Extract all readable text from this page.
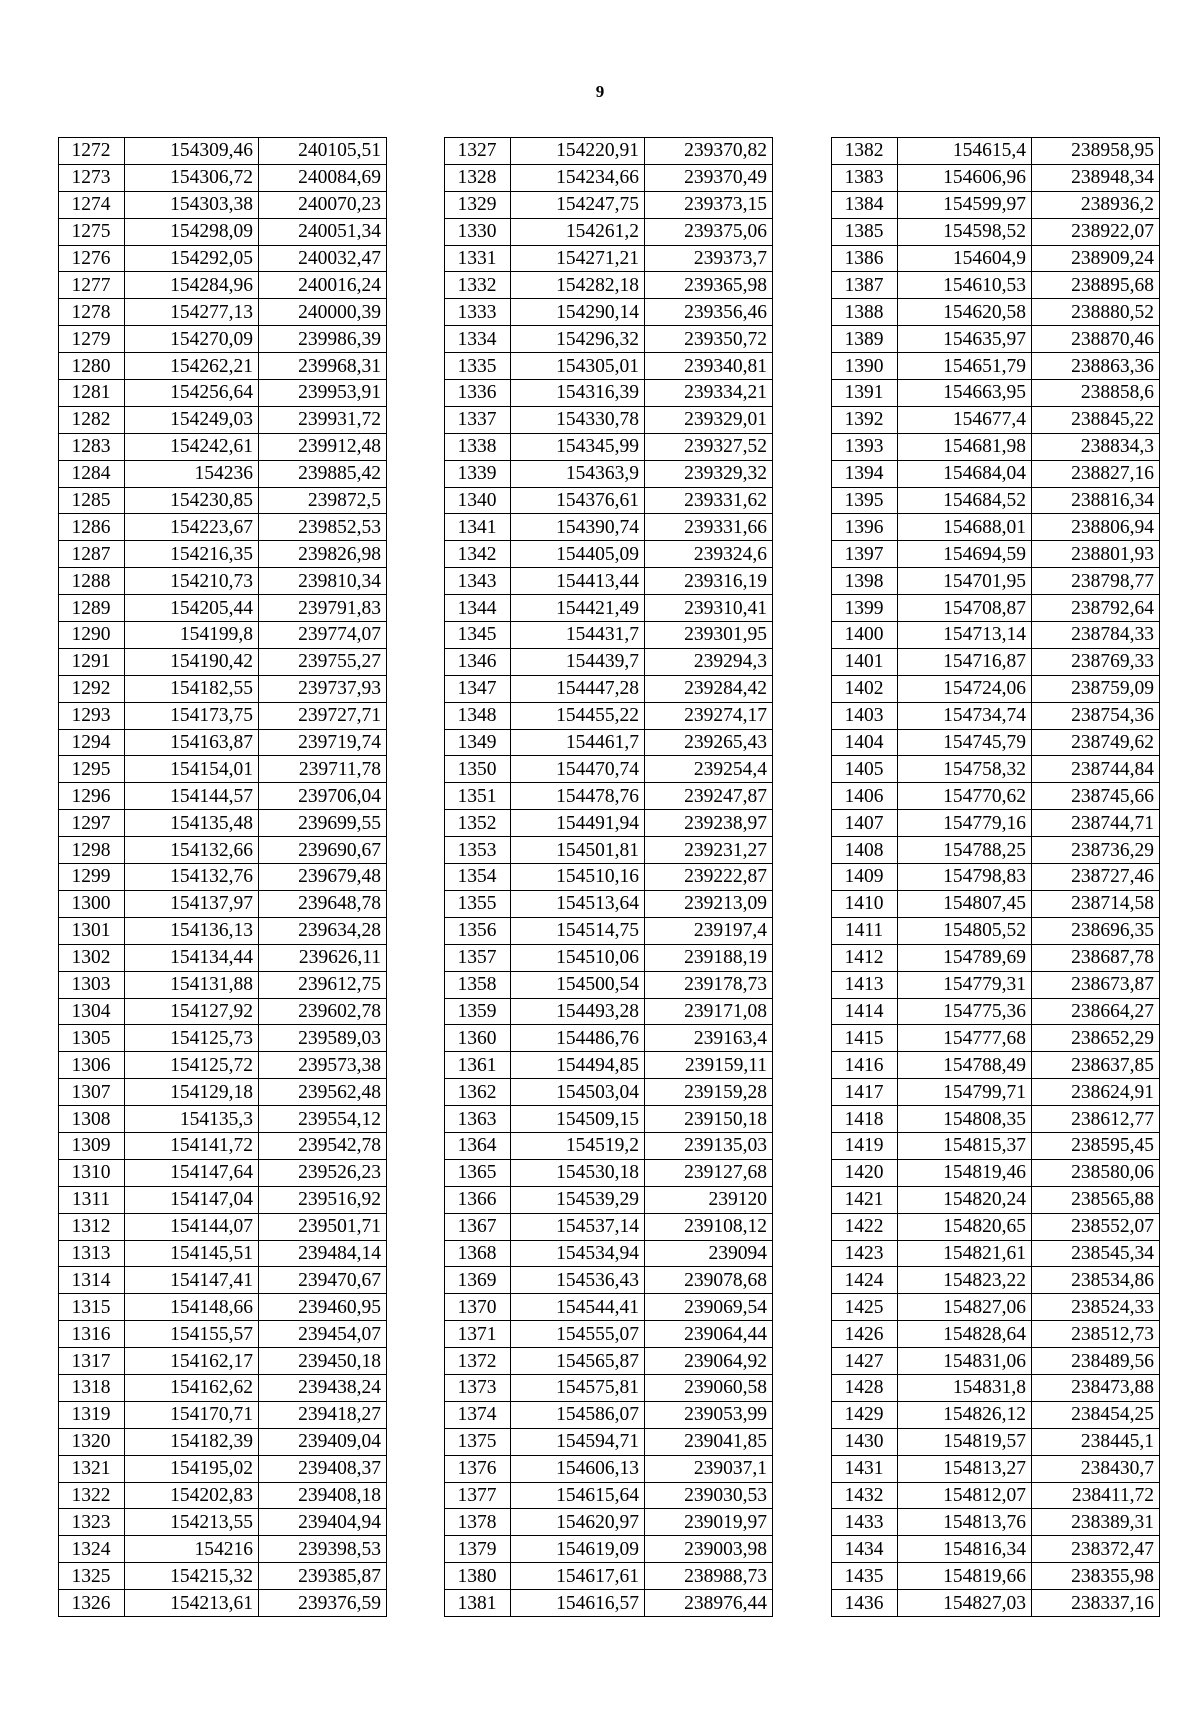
9
1272	154309,46	240105,51
1273	154306,72	240084,69
1274	154303,38	240070,23
1275	154298,09	240051,34
1276	154292,05	240032,47
1277	154284,96	240016,24
1278	154277,13	240000,39
1279	154270,09	239986,39
1280	154262,21	239968,31
1281	154256,64	239953,91
1282	154249,03	239931,72
1283	154242,61	239912,48
1284	154236	239885,42
1285	154230,85	239872,5
1286	154223,67	239852,53
1287	154216,35	239826,98
1288	154210,73	239810,34
1289	154205,44	239791,83
1290	154199,8	239774,07
1291	154190,42	239755,27
1292	154182,55	239737,93
1293	154173,75	239727,71
1294	154163,87	239719,74
1295	154154,01	239711,78
1296	154144,57	239706,04
1297	154135,48	239699,55
1298	154132,66	239690,67
1299	154132,76	239679,48
1300	154137,97	239648,78
1301	154136,13	239634,28
1302	154134,44	239626,11
1303	154131,88	239612,75
1304	154127,92	239602,78
1305	154125,73	239589,03
1306	154125,72	239573,38
1307	154129,18	239562,48
1308	154135,3	239554,12
1309	154141,72	239542,78
1310	154147,64	239526,23
1311	154147,04	239516,92
1312	154144,07	239501,71
1313	154145,51	239484,14
1314	154147,41	239470,67
1315	154148,66	239460,95
1316	154155,57	239454,07
1317	154162,17	239450,18
1318	154162,62	239438,24
1319	154170,71	239418,27
1320	154182,39	239409,04
1321	154195,02	239408,37
1322	154202,83	239408,18
1323	154213,55	239404,94
1324	154216	239398,53
1325	154215,32	239385,87
1326	154213,61	239376,59
1327	154220,91	239370,82
1328	154234,66	239370,49
1329	154247,75	239373,15
1330	154261,2	239375,06
1331	154271,21	239373,7
1332	154282,18	239365,98
1333	154290,14	239356,46
1334	154296,32	239350,72
1335	154305,01	239340,81
1336	154316,39	239334,21
1337	154330,78	239329,01
1338	154345,99	239327,52
1339	154363,9	239329,32
1340	154376,61	239331,62
1341	154390,74	239331,66
1342	154405,09	239324,6
1343	154413,44	239316,19
1344	154421,49	239310,41
1345	154431,7	239301,95
1346	154439,7	239294,3
1347	154447,28	239284,42
1348	154455,22	239274,17
1349	154461,7	239265,43
1350	154470,74	239254,4
1351	154478,76	239247,87
1352	154491,94	239238,97
1353	154501,81	239231,27
1354	154510,16	239222,87
1355	154513,64	239213,09
1356	154514,75	239197,4
1357	154510,06	239188,19
1358	154500,54	239178,73
1359	154493,28	239171,08
1360	154486,76	239163,4
1361	154494,85	239159,11
1362	154503,04	239159,28
1363	154509,15	239150,18
1364	154519,2	239135,03
1365	154530,18	239127,68
1366	154539,29	239120
1367	154537,14	239108,12
1368	154534,94	239094
1369	154536,43	239078,68
1370	154544,41	239069,54
1371	154555,07	239064,44
1372	154565,87	239064,92
1373	154575,81	239060,58
1374	154586,07	239053,99
1375	154594,71	239041,85
1376	154606,13	239037,1
1377	154615,64	239030,53
1378	154620,97	239019,97
1379	154619,09	239003,98
1380	154617,61	238988,73
1381	154616,57	238976,44
1382	154615,4	238958,95
1383	154606,96	238948,34
1384	154599,97	238936,2
1385	154598,52	238922,07
1386	154604,9	238909,24
1387	154610,53	238895,68
1388	154620,58	238880,52
1389	154635,97	238870,46
1390	154651,79	238863,36
1391	154663,95	238858,6
1392	154677,4	238845,22
1393	154681,98	238834,3
1394	154684,04	238827,16
1395	154684,52	238816,34
1396	154688,01	238806,94
1397	154694,59	238801,93
1398	154701,95	238798,77
1399	154708,87	238792,64
1400	154713,14	238784,33
1401	154716,87	238769,33
1402	154724,06	238759,09
1403	154734,74	238754,36
1404	154745,79	238749,62
1405	154758,32	238744,84
1406	154770,62	238745,66
1407	154779,16	238744,71
1408	154788,25	238736,29
1409	154798,83	238727,46
1410	154807,45	238714,58
1411	154805,52	238696,35
1412	154789,69	238687,78
1413	154779,31	238673,87
1414	154775,36	238664,27
1415	154777,68	238652,29
1416	154788,49	238637,85
1417	154799,71	238624,91
1418	154808,35	238612,77
1419	154815,37	238595,45
1420	154819,46	238580,06
1421	154820,24	238565,88
1422	154820,65	238552,07
1423	154821,61	238545,34
1424	154823,22	238534,86
1425	154827,06	238524,33
1426	154828,64	238512,73
1427	154831,06	238489,56
1428	154831,8	238473,88
1429	154826,12	238454,25
1430	154819,57	238445,1
1431	154813,27	238430,7
1432	154812,07	238411,72
1433	154813,76	238389,31
1434	154816,34	238372,47
1435	154819,66	238355,98
1436	154827,03	238337,16
